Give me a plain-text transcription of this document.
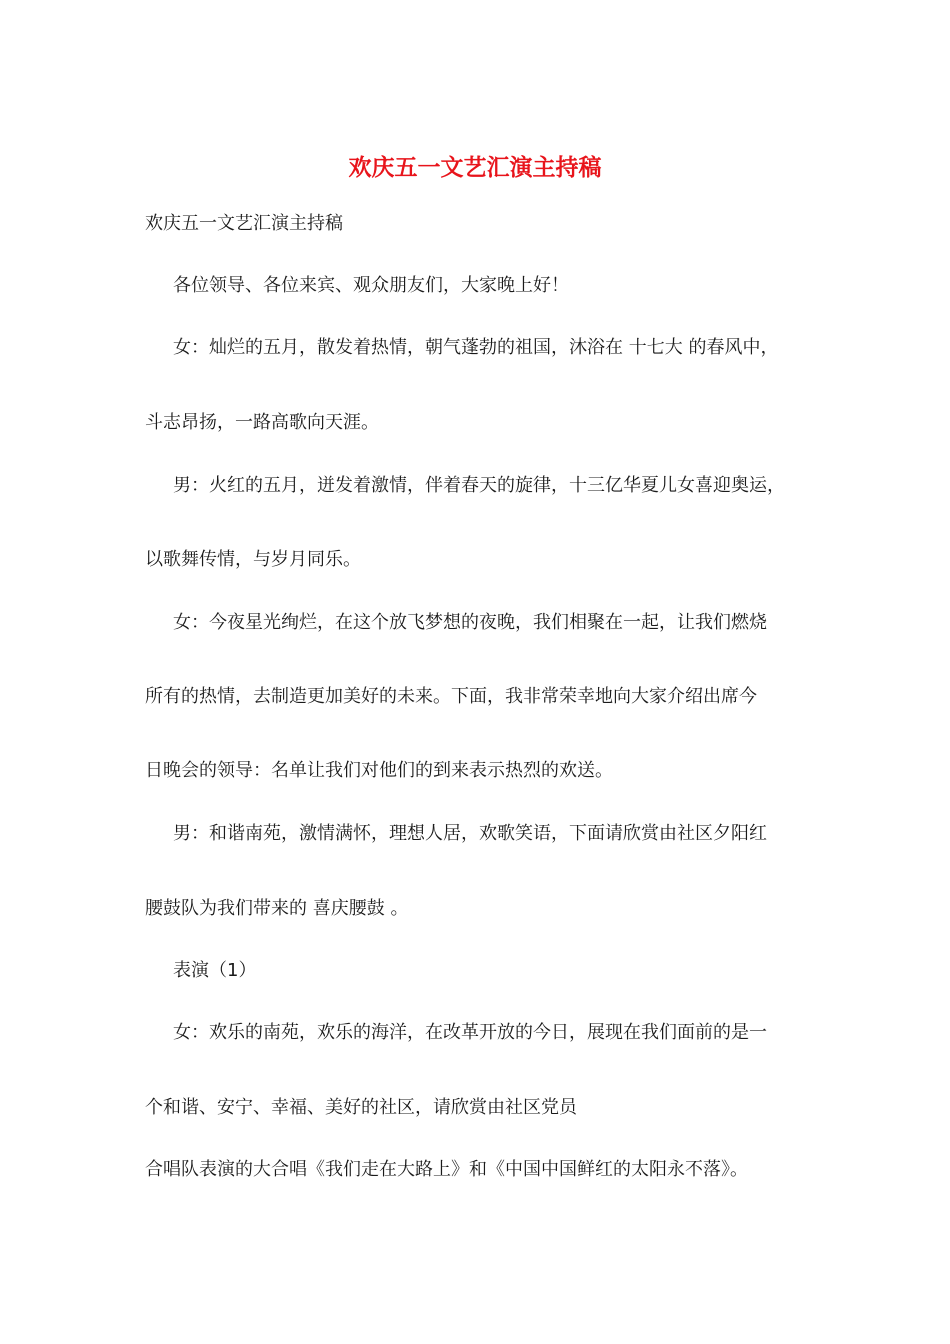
欢庆五一文艺汇演主持稿

欢庆五一文艺汇演主持稿

各位领导、各位来宾、观众朋友们，大家晚上好！

女：灿烂的五月，散发着热情，朝气蓬勃的祖国，沐浴在 十七大 的春风中，

斗志昂扬，一路高歌向天涯。

男：火红的五月，迸发着激情，伴着春天的旋律，十三亿华夏儿女喜迎奥运，

以歌舞传情，与岁月同乐。

女：今夜星光绚烂，在这个放飞梦想的夜晚，我们相聚在一起，让我们燃烧

所有的热情，去制造更加美好的未来。下面，我非常荣幸地向大家介绍出席今

日晚会的领导：名单让我们对他们的到来表示热烈的欢送。

男：和谐南苑，激情满怀，理想人居，欢歌笑语，下面请欣赏由社区夕阳红

腰鼓队为我们带来的 喜庆腰鼓 。

表演（1）

女：欢乐的南苑，欢乐的海洋，在改革开放的今日，展现在我们面前的是一

个和谐、安宁、幸福、美好的社区，请欣赏由社区党员

合唱队表演的大合唱《我们走在大路上》和《中国中国鲜红的太阳永不落》。
